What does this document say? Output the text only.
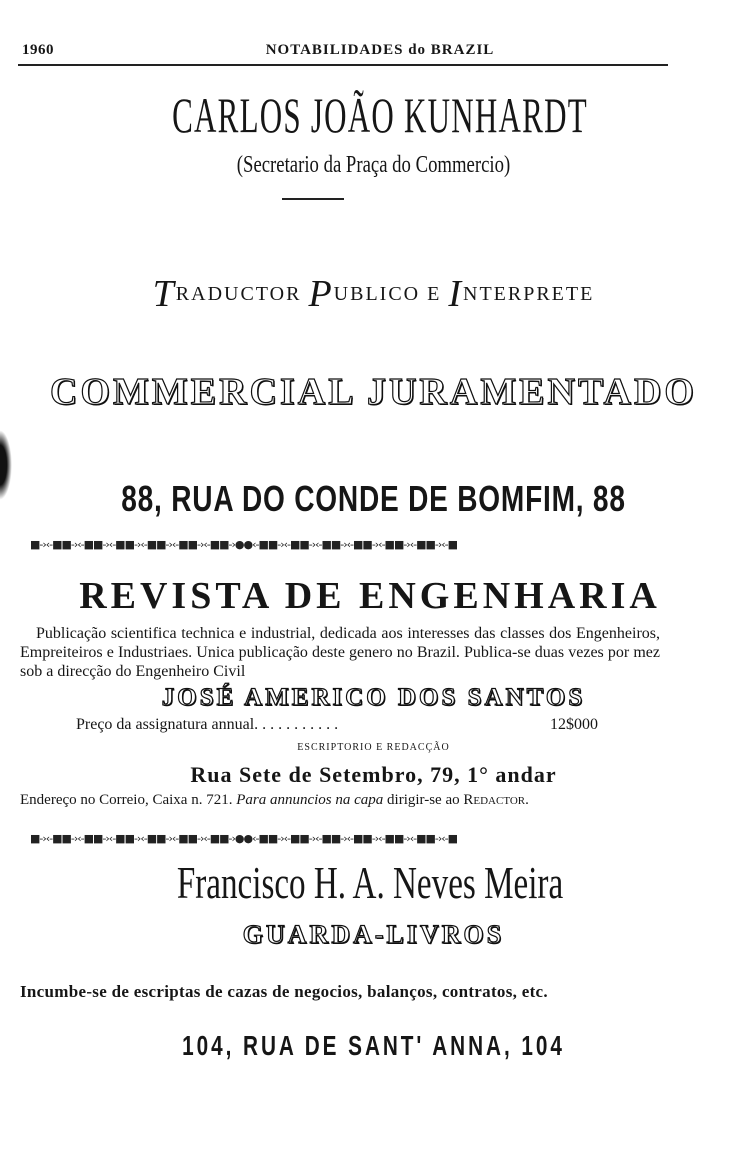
1960	NOTABILIDADES do BRAZIL
CARLOS JOÃO KUNHARDT
(Secretario da Praça do Commercio)
TRADUCTOR PUBLICO E INTERPRETE
COMMERCIAL JURAMENTADO
88, RUA DO CONDE DE BOMFIM, 88
■-›‹-■■-›‹-■■-›‹-■■-›‹-■■-›‹-■■-›‹-■■-›●●‹-■■-›‹-■■-›‹-■■-›‹-■■-›‹-■■-›‹-■■-›‹-■
REVISTA DE ENGENHARIA
Publicação scientifica technica e industrial, dedicada aos interesses das classes dos Engenheiros, Empreiteiros e Industriaes. Unica publicação deste genero no Brazil. Publica-se duas vezes por mez sob a direcção do Engenheiro Civil
JOSÉ AMERICO DOS SANTOS
Preço da assignatura annual. . . . . . . . . . .	12$000
ESCRIPTORIO E REDACÇÃO
Rua Sete de Setembro, 79, 1° andar
Endereço no Correio, Caixa n. 721. Para annuncios na capa dirigir-se ao Redactor.
■-›‹-■■-›‹-■■-›‹-■■-›‹-■■-›‹-■■-›‹-■■-›●●‹-■■-›‹-■■-›‹-■■-›‹-■■-›‹-■■-›‹-■■-›‹-■
Francisco H. A. Neves Meira
GUARDA-LIVROS
Incumbe-se de escriptas de cazas de negocios, balanços, contratos, etc.
104, RUA DE SANT' ANNA, 104
